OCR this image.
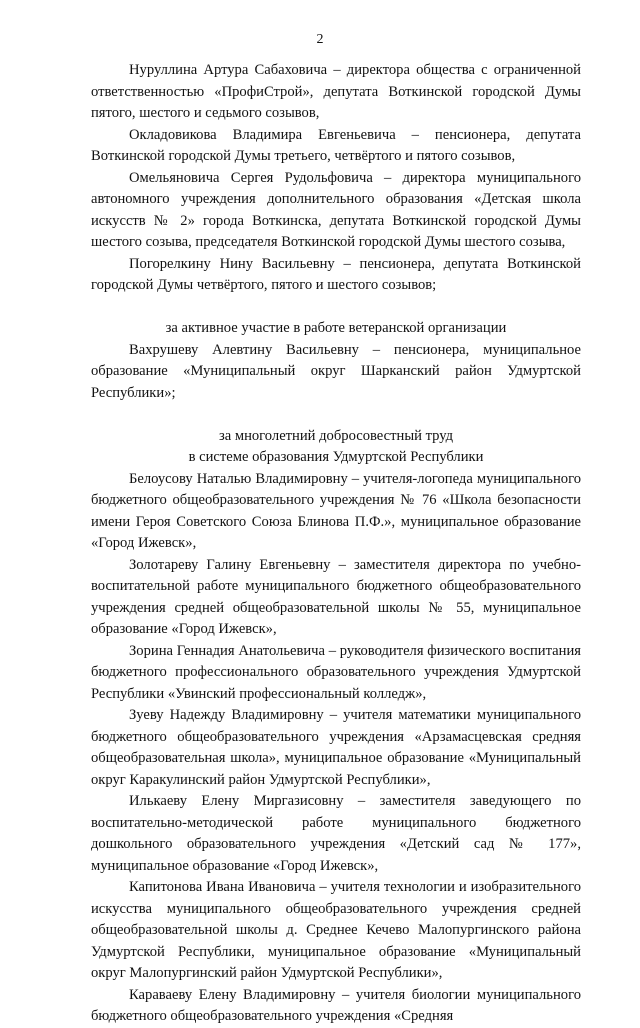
2

Нуруллина Артура Сабаховича – директора общества с ограниченной ответственностью «ПрофиСтрой», депутата Воткинской городской Думы пятого, шестого и седьмого созывов,

Окладовикова Владимира Евгеньевича – пенсионера, депутата Воткинской городской Думы третьего, четвёртого и пятого созывов,

Омельяновича Сергея Рудольфовича – директора муниципального автономного учреждения дополнительного образования «Детская школа искусств № 2» города Воткинска, депутата Воткинской городской Думы шестого созыва, председателя Воткинской городской Думы шестого созыва,

Погорелкину Нину Васильевну – пенсионера, депутата Воткинской городской Думы четвёртого, пятого и шестого созывов;

за активное участие в работе ветеранской организации

Вахрушеву Алевтину Васильевну – пенсионера, муниципальное образование «Муниципальный округ Шарканский район Удмуртской Республики»;

за многолетний добросовестный труд

в системе образования Удмуртской Республики

Белоусову Наталью Владимировну – учителя-логопеда муниципального бюджетного общеобразовательного учреждения № 76 «Школа безопасности имени Героя Советского Союза Блинова П.Ф.», муниципальное образование «Город Ижевск»,

Золотареву Галину Евгеньевну – заместителя директора по учебно-воспитательной работе муниципального бюджетного общеобразовательного учреждения средней общеобразовательной школы № 55, муниципальное образование «Город Ижевск»,

Зорина Геннадия Анатольевича – руководителя физического воспитания бюджетного профессионального образовательного учреждения Удмуртской Республики «Увинский профессиональный колледж»,

Зуеву Надежду Владимировну – учителя математики муниципального бюджетного общеобразовательного учреждения «Арзамасцевская средняя общеобразовательная школа», муниципальное образование «Муниципальный округ Каракулинский район Удмуртской Республики»,

Илькаеву Елену Миргазисовну – заместителя заведующего по воспитательно-методической работе муниципального бюджетного дошкольного образовательного учреждения «Детский сад № 177», муниципальное образование «Город Ижевск»,

Капитонова Ивана Ивановича – учителя технологии и изобразительного искусства муниципального общеобразовательного учреждения средней общеобразовательной школы д. Среднее Кечево Малопургинского района Удмуртской Республики, муниципальное образование «Муниципальный округ Малопургинский район Удмуртской Республики»,

Караваеву Елену Владимировну – учителя биологии муниципального бюджетного общеобразовательного учреждения «Средняя
